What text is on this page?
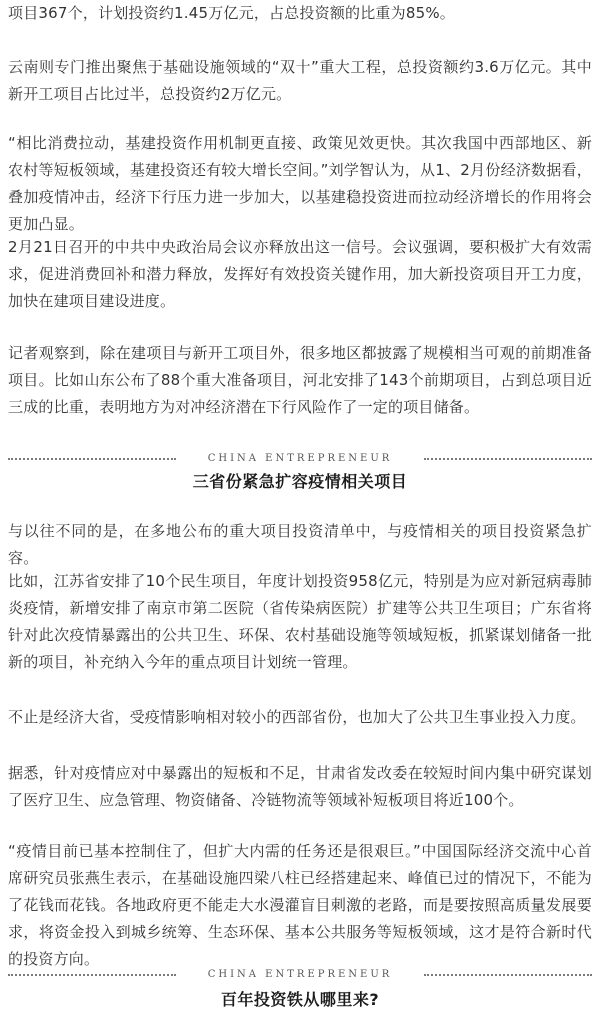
项目367个，计划投资约1.45万亿元，占总投资额的比重为85%。

云南则专门推出聚焦于基础设施领域的“双十”重大工程，总投资额约3.6万亿元。其中新开工项目占比过半，总投资约2万亿元。

“相比消费拉动，基建投资作用机制更直接、政策见效更快。其次我国中西部地区、新农村等短板领域，基建投资还有较大增长空间。”刘学智认为，从1、2月份经济数据看，叠加疫情冲击，经济下行压力进一步加大，以基建稳投资进而拉动经济增长的作用将会更加凸显。

2月21日召开的中共中央政治局会议亦释放出这一信号。会议强调，要积极扩大有效需求，促进消费回补和潜力释放，发挥好有效投资关键作用，加大新投资项目开工力度，加快在建项目建设进度。

记者观察到，除在建项目与新开工项目外，很多地区都披露了规模相当可观的前期准备项目。比如山东公布了88个重大准备项目，河北安排了143个前期项目，占到总项目近三成的比重，表明地方为对冲经济潜在下行风险作了一定的项目储备。

CHINA ENTREPRENEUR
三省份紧急扩容疫情相关项目

与以往不同的是，在多地公布的重大项目投资清单中，与疫情相关的项目投资紧急扩容。

比如，江苏省安排了10个民生项目，年度计划投资958亿元，特别是为应对新冠病毒肺炎疫情，新增安排了南京市第二医院（省传染病医院）扩建等公共卫生项目；广东省将针对此次疫情暴露出的公共卫生、环保、农村基础设施等领域短板，抓紧谋划储备一批新的项目，补充纳入今年的重点项目计划统一管理。

不止是经济大省，受疫情影响相对较小的西部省份，也加大了公共卫生事业投入力度。

据悉，针对疫情应对中暴露出的短板和不足，甘肃省发改委在较短时间内集中研究谋划了医疗卫生、应急管理、物资储备、冷链物流等领域补短板项目将近100个。

“疫情目前已基本控制住了，但扩大内需的任务还是很艰巨。”中国国际经济交流中心首席研究员张燕生表示，在基础设施四梁八柱已经搭建起来、峰值已过的情况下，不能为了花钱而花钱。各地政府更不能走大水漫灌盲目刺激的老路，而是要按照高质量发展要求，将资金投入到城乡统筹、生态环保、基本公共服务等短板领域，这才是符合新时代的投资方向。

CHINA ENTREPRENEUR
百年投资铁从哪里来?
